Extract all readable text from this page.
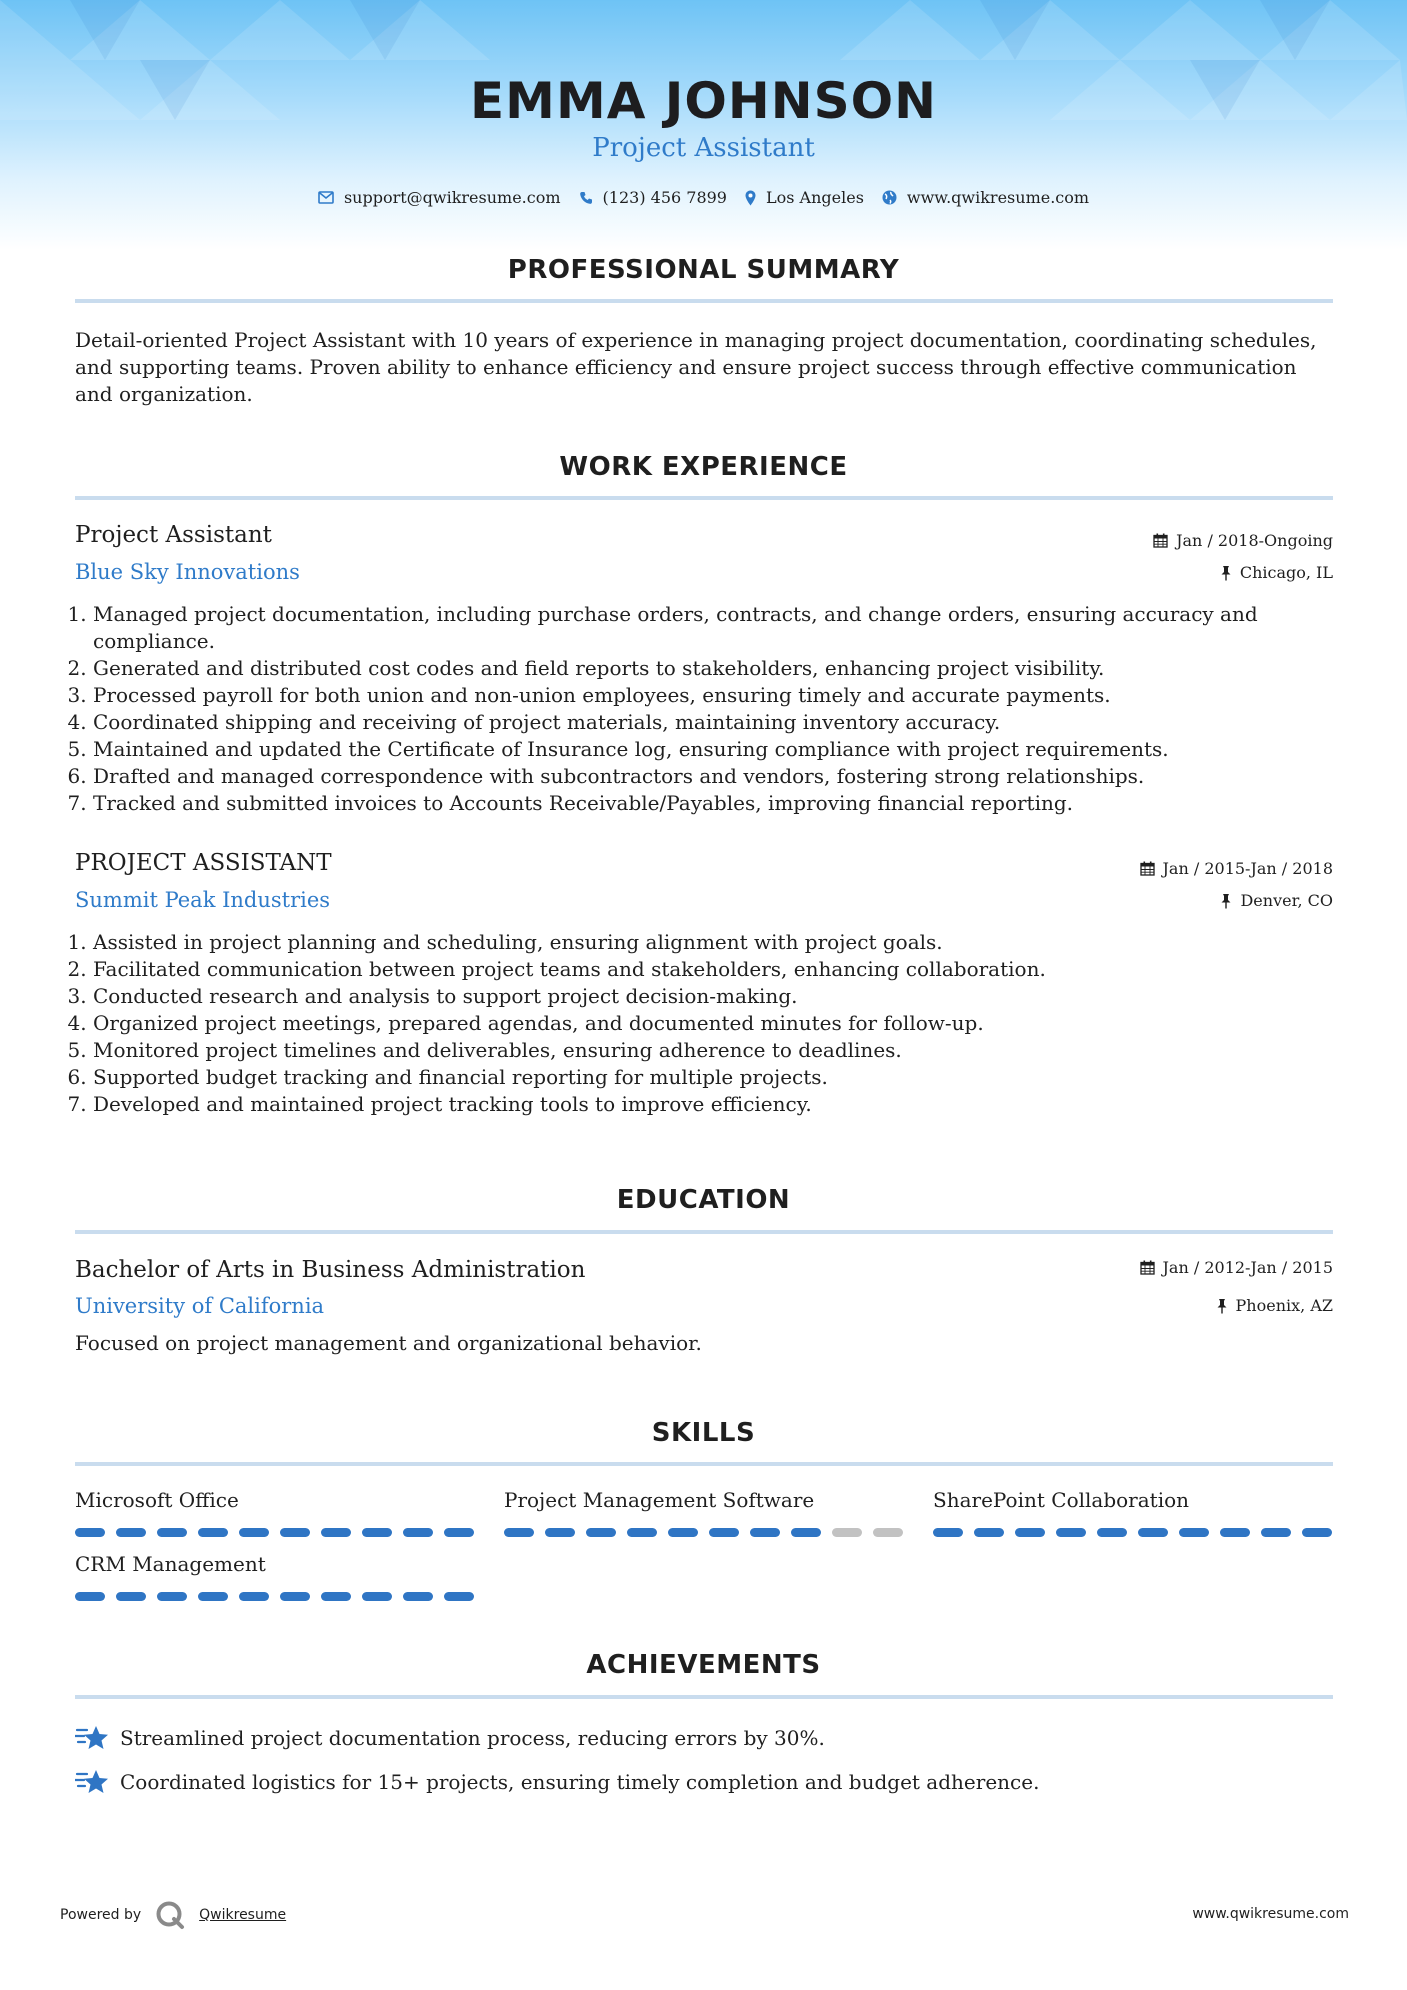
EMMA JOHNSON
Project Assistant
support@qwikresume.com	(123) 456 7899 Los Angeles	www.qwikresume.com
PROFESSIONAL SUMMARY
Detail-oriented Project Assistant with 10 years of experience in managing project documentation, coordinating schedules, and supporting teams. Proven ability to enhance efficiency and ensure project success through effective communication and organization.
WORK EXPERIENCE
Project Assistant	Jan / 2018-Ongoing
Blue Sky Innovations	Chicago, IL
1. Managed project documentation, including purchase orders, contracts, and change orders, ensuring accuracy and compliance.
2. Generated and distributed cost codes and field reports to stakeholders, enhancing project visibility.
3. Processed payroll for both union and non-union employees, ensuring timely and accurate payments.
4. Coordinated shipping and receiving of project materials, maintaining inventory accuracy.
5. Maintained and updated the Certificate of Insurance log, ensuring compliance with project requirements.
6. Drafted and managed correspondence with subcontractors and vendors, fostering strong relationships.
7. Tracked and submitted invoices to Accounts Receivable/Payables, improving financial reporting.
PROJECT ASSISTANT	Jan / 2015-Jan / 2018
Summit Peak Industries	Denver, CO
1. Assisted in project planning and scheduling, ensuring alignment with project goals.
2. Facilitated communication between project teams and stakeholders, enhancing collaboration.
3. Conducted research and analysis to support project decision-making.
4. Organized project meetings, prepared agendas, and documented minutes for follow-up.
5. Monitored project timelines and deliverables, ensuring adherence to deadlines.
6. Supported budget tracking and financial reporting for multiple projects.
7. Developed and maintained project tracking tools to improve efficiency.
EDUCATION
Bachelor of Arts in Business Administration	Jan / 2012-Jan / 2015
University of California	Phoenix, AZ
Focused on project management and organizational behavior.
SKILLS
Microsoft Office	Project Management Software	SharePoint Collaboration
CRM Management
ACHIEVEMENTS
Streamlined project documentation process, reducing errors by 30%.
Coordinated logistics for 15+ projects, ensuring timely completion and budget adherence.
Powered by	Qwikresume	www.qwikresume.com
